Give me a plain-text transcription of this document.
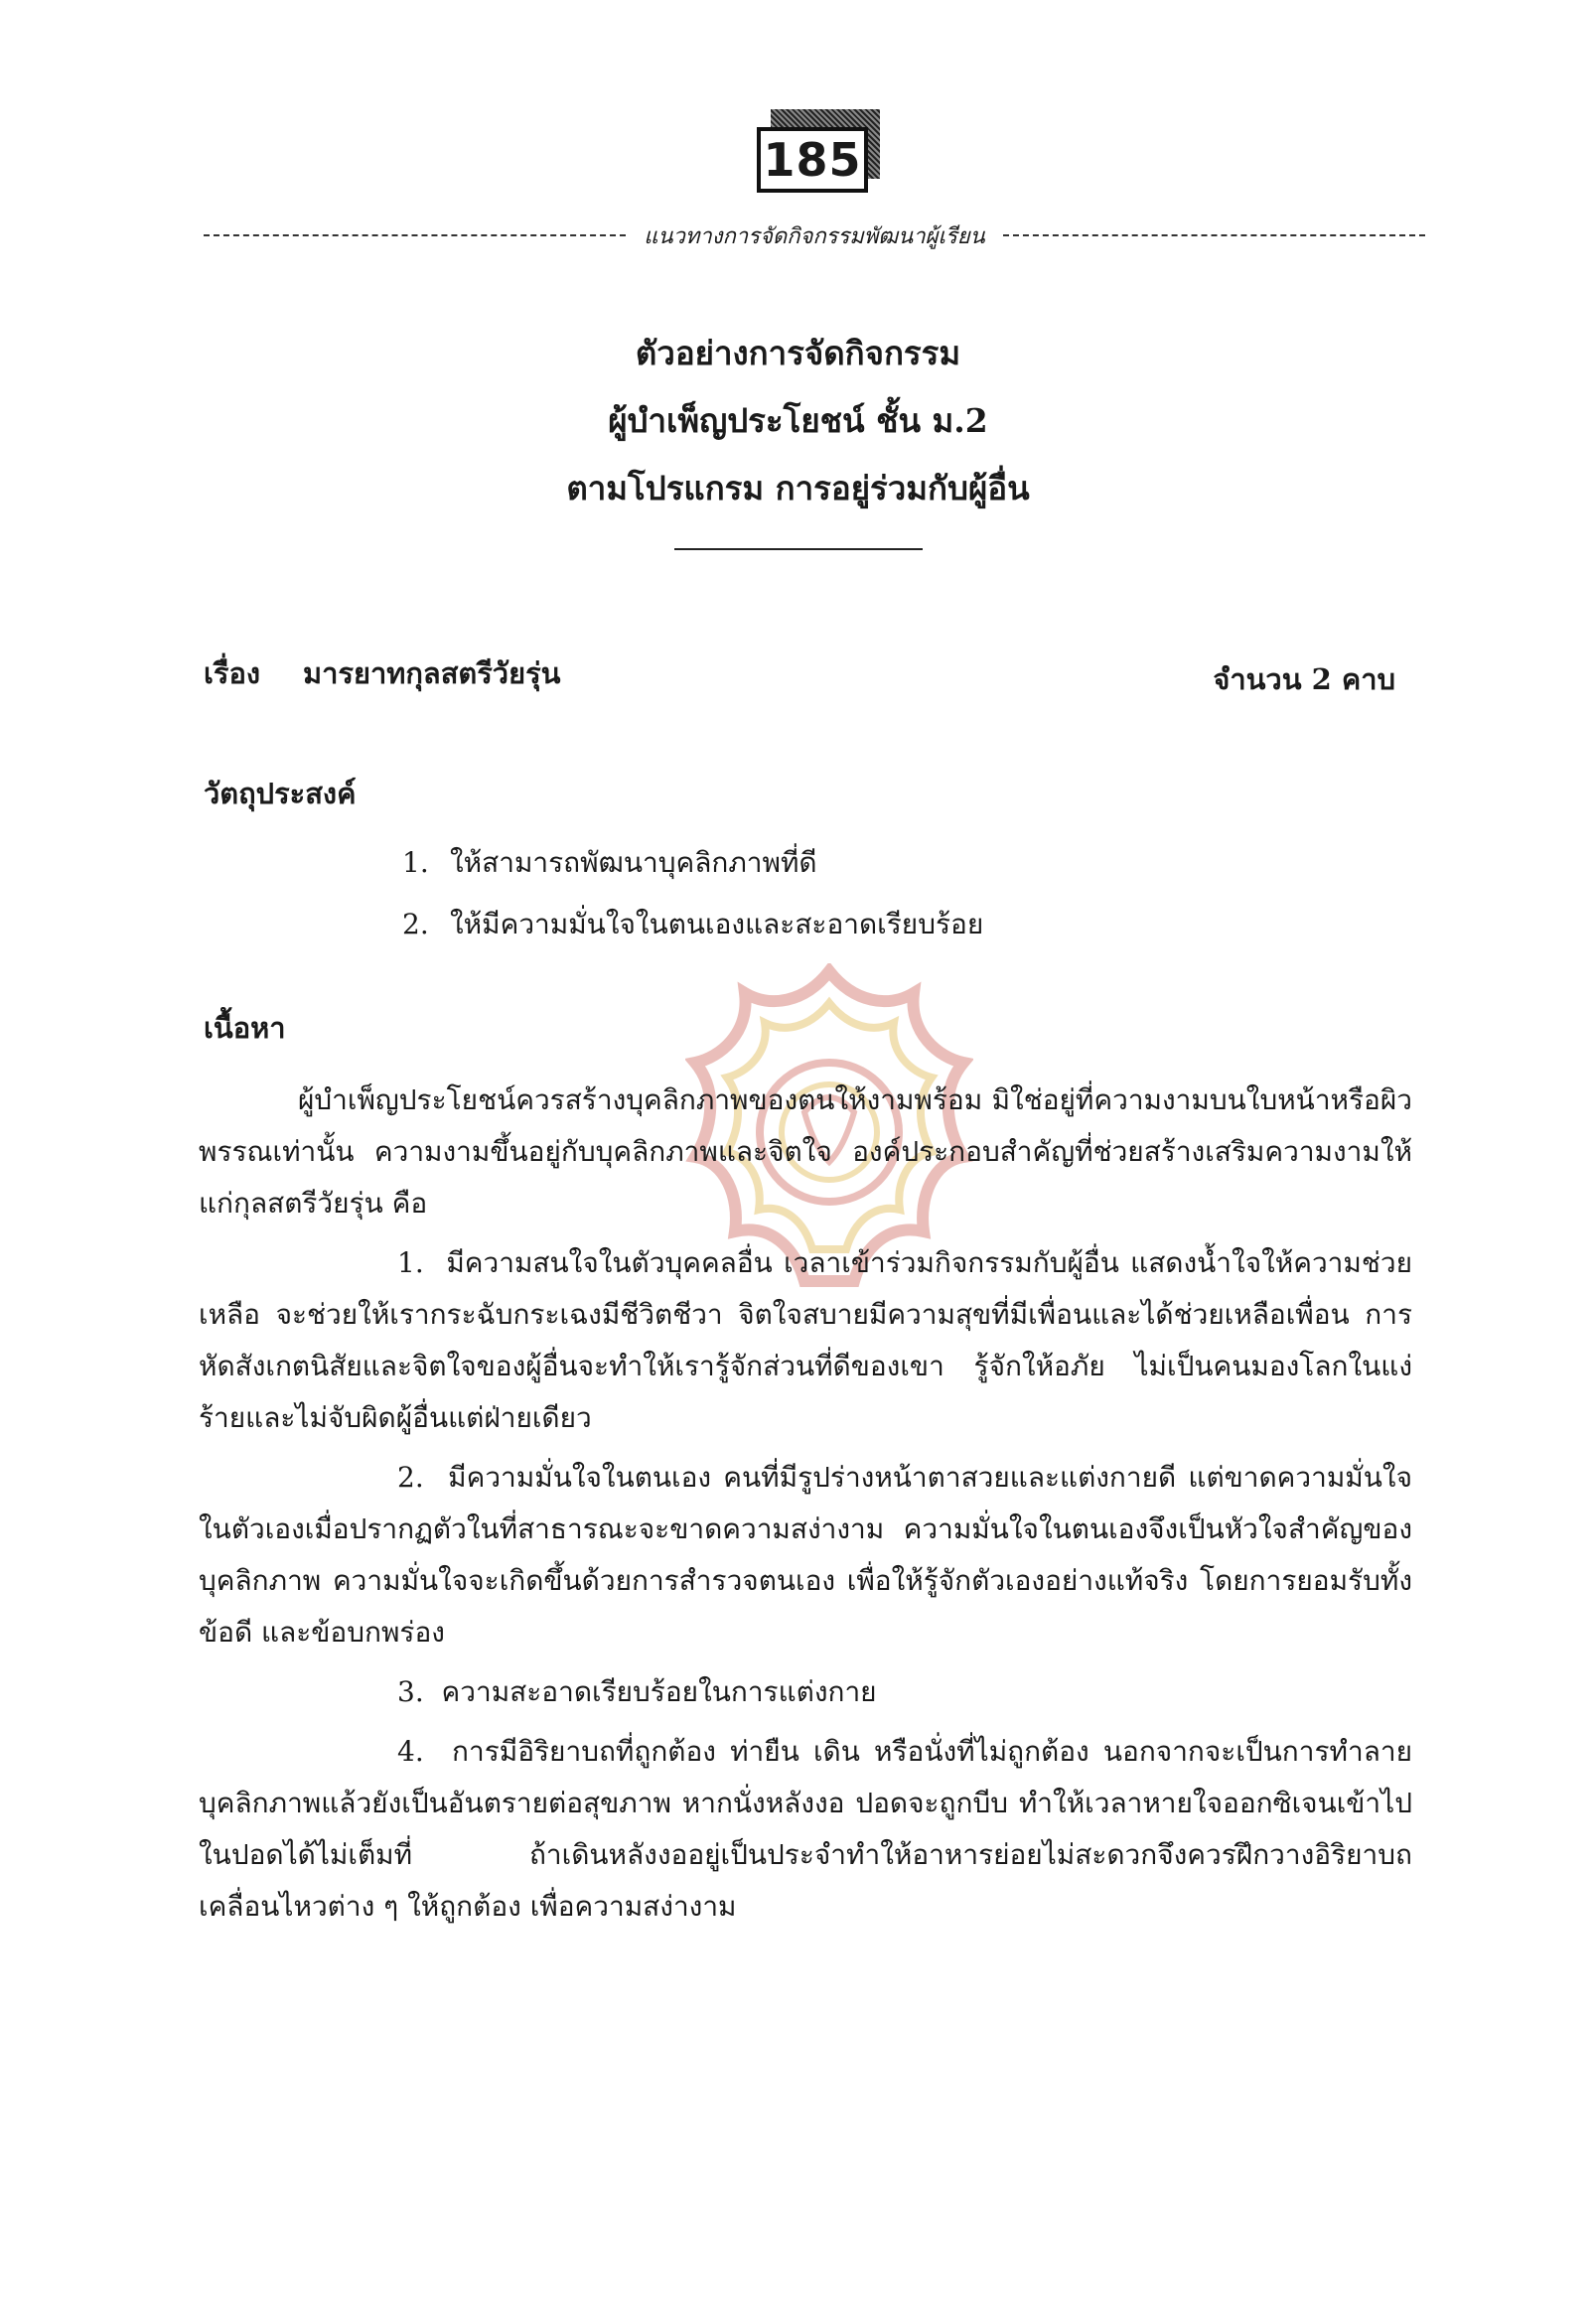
185
แนวทางการจัดกิจกรรมพัฒนาผู้เรียน
ตัวอย่างการจัดกิจกรรม
ผู้บำเพ็ญประโยชน์ ชั้น ม.2
ตามโปรแกรม การอยู่ร่วมกับผู้อื่น
เรื่อง มารยาทกุลสตรีวัยรุ่น	จำนวน 2 คาบ
วัตถุประสงค์
1. ให้สามารถพัฒนาบุคลิกภาพที่ดี
2. ให้มีความมั่นใจในตนเองและสะอาดเรียบร้อย
เนื้อหา

ผู้บำเพ็ญประโยชน์ควรสร้างบุคลิกภาพของตนให้งามพร้อม มิใช่อยู่ที่ความงามบนใบหน้าหรือผิวพรรณเท่านั้น ความงามขึ้นอยู่กับบุคลิกภาพและจิตใจ องค์ประกอบสำคัญที่ช่วยสร้างเสริมความงามให้แก่กุลสตรีวัยรุ่น คือ

1. มีความสนใจในตัวบุคคลอื่น เวลาเข้าร่วมกิจกรรมกับผู้อื่น แสดงน้ำใจให้ความช่วยเหลือ จะช่วยให้เรากระฉับกระเฉงมีชีวิตชีวา จิตใจสบายมีความสุขที่มีเพื่อนและได้ช่วยเหลือเพื่อน การหัดสังเกตนิสัยและจิตใจของผู้อื่นจะทำให้เรารู้จักส่วนที่ดีของเขา รู้จักให้อภัย ไม่เป็นคนมองโลกในแง่ร้ายและไม่จับผิดผู้อื่นแต่ฝ่ายเดียว

2. มีความมั่นใจในตนเอง คนที่มีรูปร่างหน้าตาสวยและแต่งกายดี แต่ขาดความมั่นใจในตัวเองเมื่อปรากฏตัวในที่สาธารณะจะขาดความสง่างาม ความมั่นใจในตนเองจึงเป็นหัวใจสำคัญของบุคลิกภาพ ความมั่นใจจะเกิดขึ้นด้วยการสำรวจตนเอง เพื่อให้รู้จักตัวเองอย่างแท้จริง โดยการยอมรับทั้งข้อดี และข้อบกพร่อง

3. ความสะอาดเรียบร้อยในการแต่งกาย

4. การมีอิริยาบถที่ถูกต้อง ท่ายืน เดิน หรือนั่งที่ไม่ถูกต้อง นอกจากจะเป็นการทำลายบุคลิกภาพแล้วยังเป็นอันตรายต่อสุขภาพ หากนั่งหลังงอ ปอดจะถูกบีบ ทำให้เวลาหายใจออกซิเจนเข้าไปในปอดได้ไม่เต็มที่ ถ้าเดินหลังงออยู่เป็นประจำทำให้อาหารย่อยไม่สะดวกจึงควรฝึกวางอิริยาบถเคลื่อนไหวต่าง ๆ ให้ถูกต้อง เพื่อความสง่างาม
